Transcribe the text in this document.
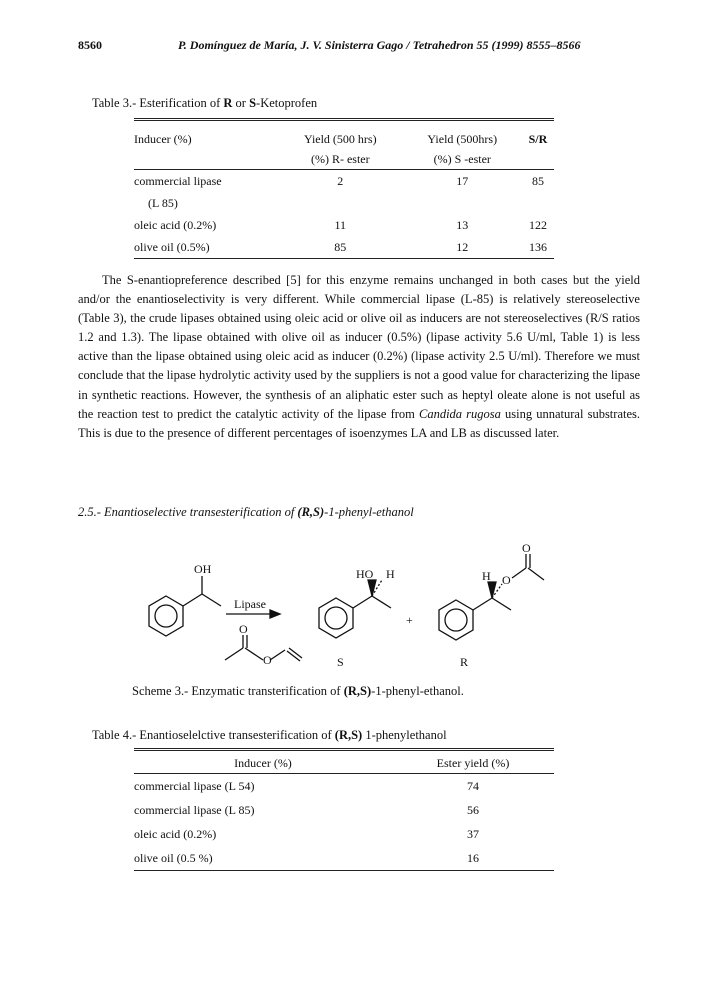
8560	P. Domínguez de María, J. V. Sinisterra Gago / Tetrahedron 55 (1999) 8555–8566
Table 3.- Esterification of R or S-Ketoprofen
Inducer (%)	Yield (500 hrs)	Yield (500hrs)	S/R
	(%) R- ester	(%) S -ester	
commercial lipase	2	17	85
(L 85)			
oleic acid (0.2%)	11	13	122
olive oil (0.5%)	85	12	136

The S-enantiopreference described [5] for this enzyme remains unchanged in both cases but the yield and/or the enantioselectivity is very different. While commercial lipase (L-85) is relatively stereoselective (Table 3), the crude lipases obtained using oleic acid or olive oil as inducers are not stereoselectives (R/S ratios 1.2 and 1.3). The lipase obtained with olive oil as inducer (0.5%) (lipase activity 5.6 U/ml, Table 1) is less active than the lipase obtained using oleic acid as inducer (0.2%) (lipase activity 2.5 U/ml). Therefore we must conclude that the lipase hydrolytic activity used by the suppliers is not a good value for characterizing the lipase in synthetic reactions. However, the synthesis of an aliphatic ester such as heptyl oleate alone is not useful as the reaction test to predict the catalytic activity of the lipase from Candida rugosa using unnatural substrates. This is due to the presence of different percentages of isoenzymes LA and LB as discussed later.

2.5.- Enantioselective transesterification of (R,S)-1-phenyl-ethanol
OH
Lipase
O
O
HO H
+
H O
O
S	R
Scheme 3.- Enzymatic transterification of (R,S)-1-phenyl-ethanol.
Table 4.- Enantioselelctive transesterification of (R,S) 1-phenylethanol
Inducer (%)	Ester yield (%)
commercial lipase (L 54)	74
commercial lipase (L 85)	56
oleic acid (0.2%)	37
olive oil (0.5 %)	16
